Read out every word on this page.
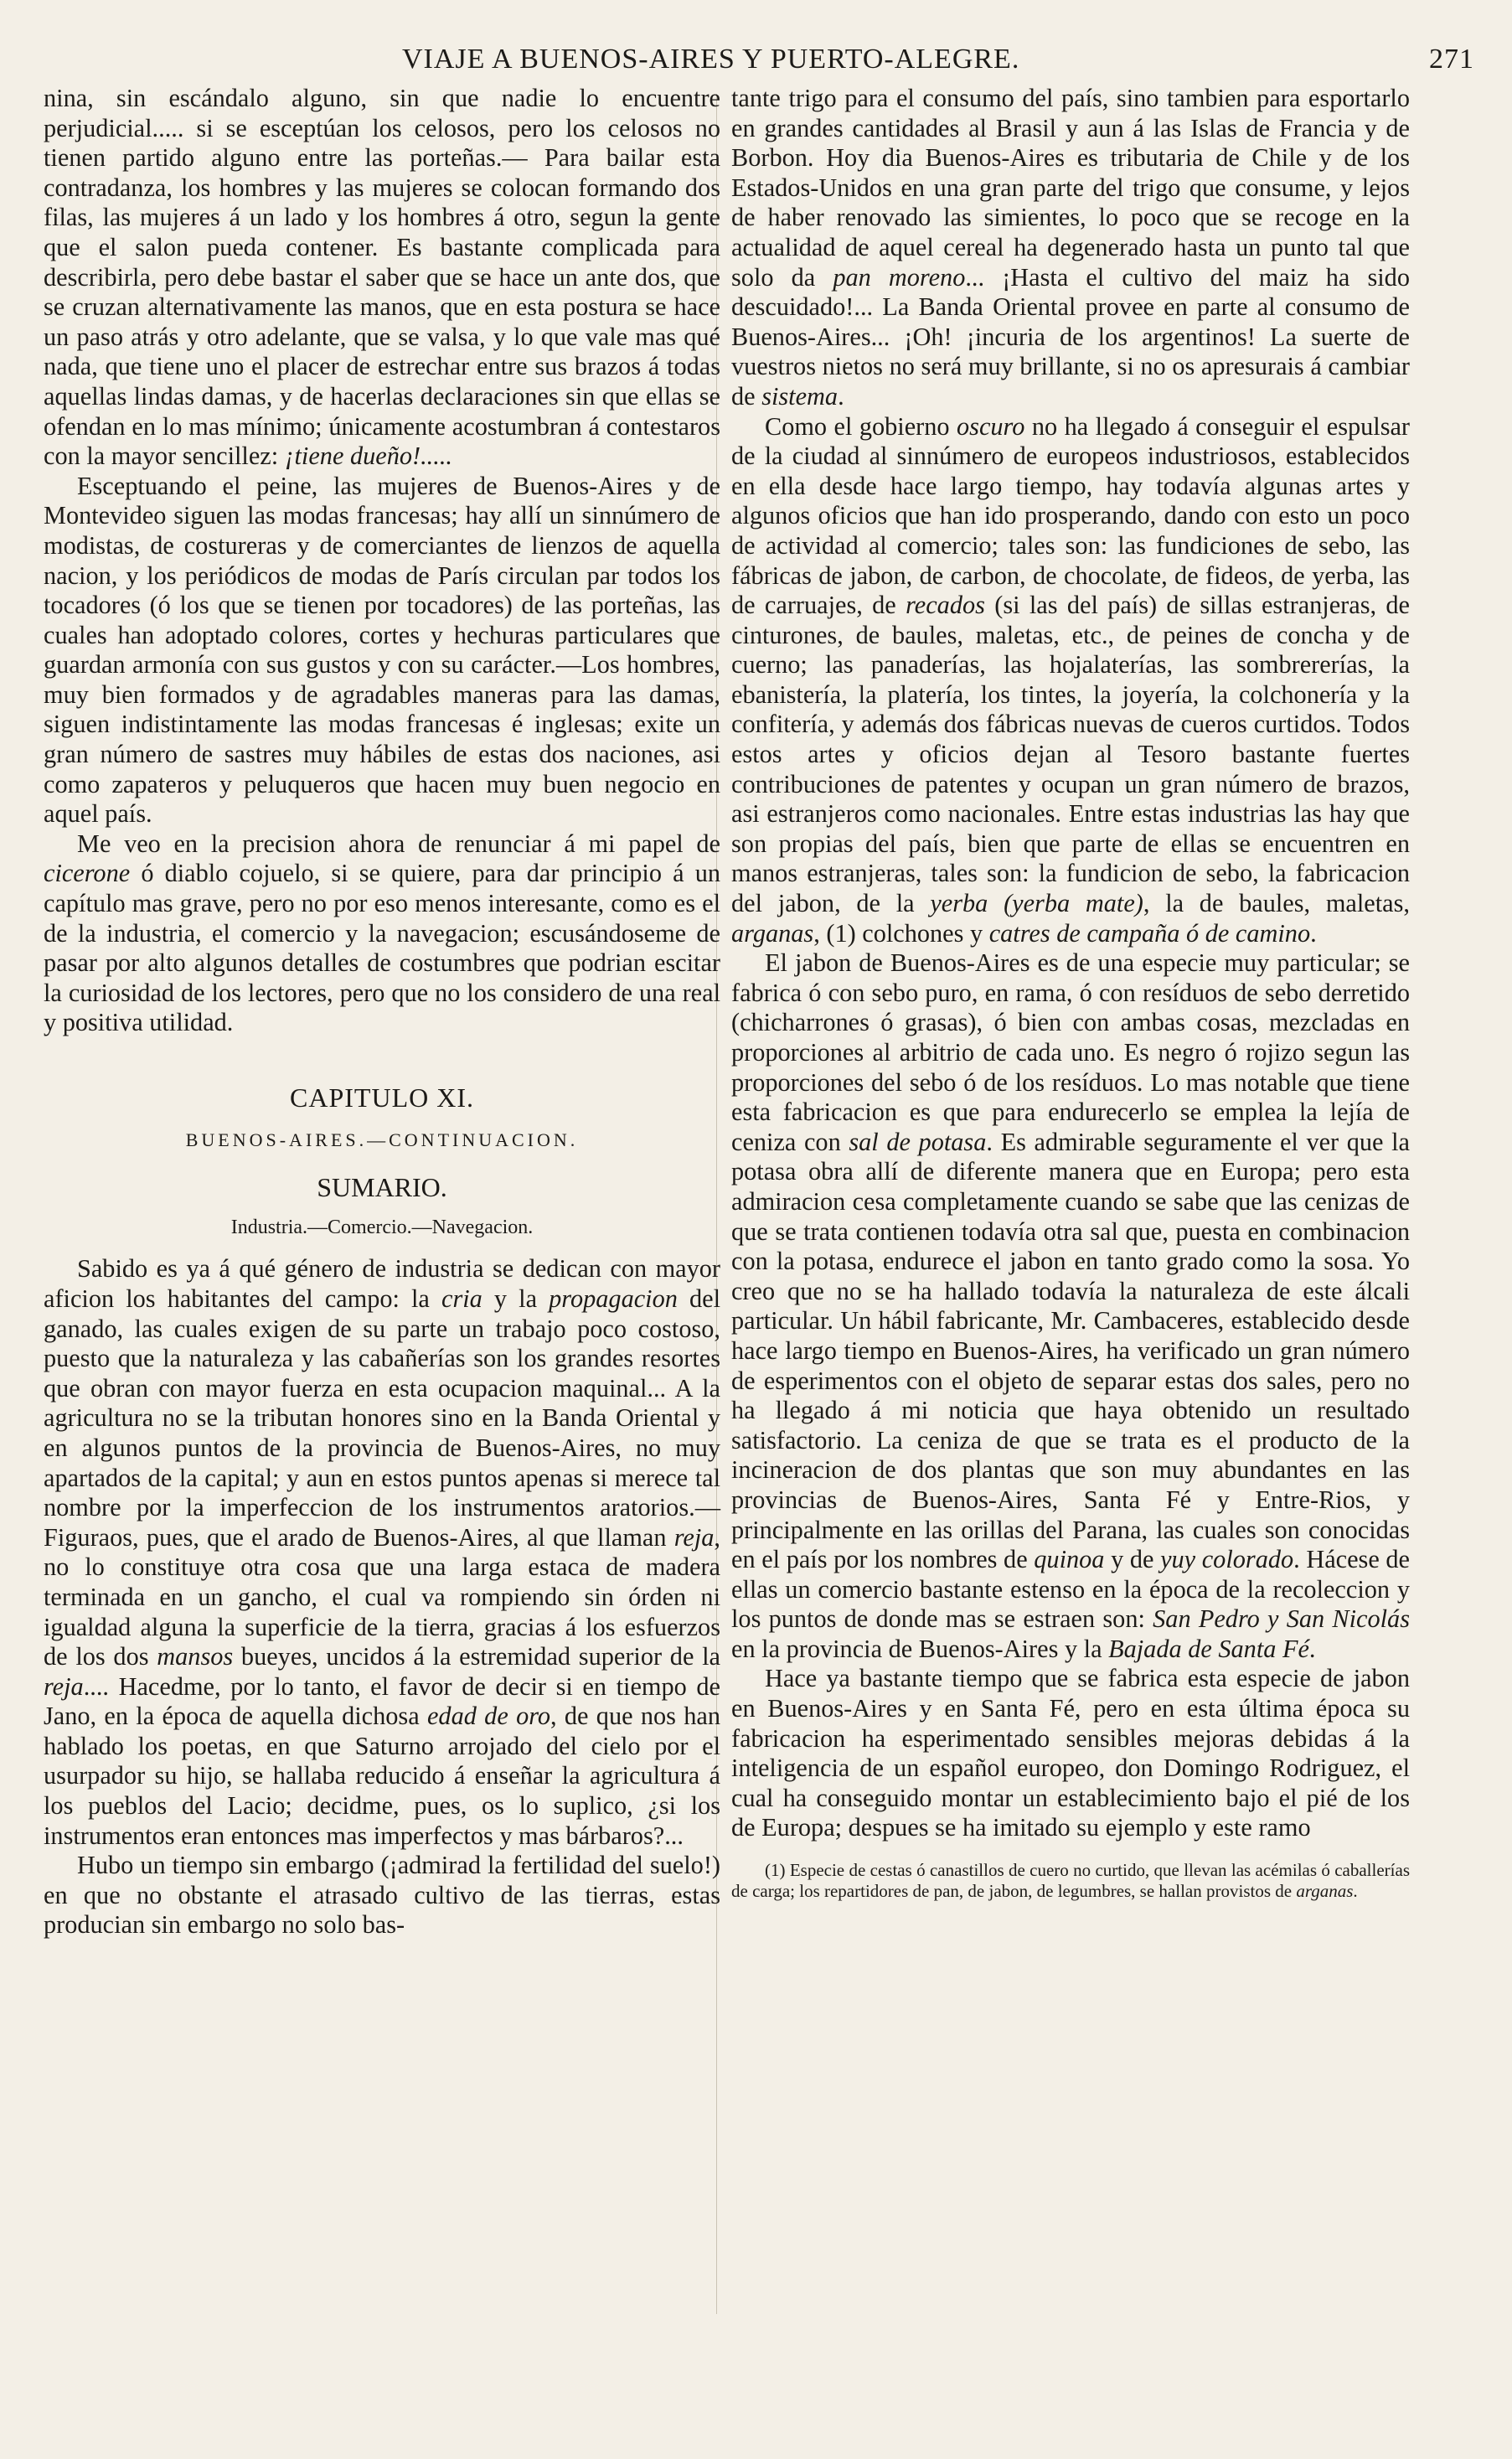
VIAJE A BUENOS-AIRES Y PUERTO-ALEGRE.	271

nina, sin escándalo alguno, sin que nadie lo encuentre perjudicial..... si se esceptúan los celosos, pero los celosos no tienen partido alguno entre las porteñas.— Para bailar esta contradanza, los hombres y las mujeres se colocan formando dos filas, las mujeres á un lado y los hombres á otro, segun la gente que el salon pueda contener. Es bastante complicada para describirla, pero debe bastar el saber que se hace un ante dos, que se cruzan alternativamente las manos, que en esta postura se hace un paso atrás y otro adelante, que se valsa, y lo que vale mas qué nada, que tiene uno el placer de estrechar entre sus brazos á todas aquellas lindas damas, y de hacerlas declaraciones sin que ellas se ofendan en lo mas mínimo; únicamente acostumbran á contestaros con la mayor sencillez: ¡tiene dueño!.....

Esceptuando el peine, las mujeres de Buenos-Aires y de Montevideo siguen las modas francesas; hay allí un sinnúmero de modistas, de costureras y de comerciantes de lienzos de aquella nacion, y los periódicos de modas de París circulan par todos los tocadores (ó los que se tienen por tocadores) de las porteñas, las cuales han adoptado colores, cortes y hechuras particulares que guardan armonía con sus gustos y con su carácter.—Los hombres, muy bien formados y de agradables maneras para las damas, siguen indistintamente las modas francesas é inglesas; exite un gran número de sastres muy hábiles de estas dos naciones, asi como zapateros y peluqueros que hacen muy buen negocio en aquel país.

Me veo en la precision ahora de renunciar á mi papel de cicerone ó diablo cojuelo, si se quiere, para dar principio á un capítulo mas grave, pero no por eso menos interesante, como es el de la industria, el comercio y la navegacion; escusándoseme de pasar por alto algunos detalles de costumbres que podrian escitar la curiosidad de los lectores, pero que no los considero de una real y positiva utilidad.

CAPITULO XI.
BUENOS-AIRES.—CONTINUACION.
SUMARIO.
Industria.—Comercio.—Navegacion.

Sabido es ya á qué género de industria se dedican con mayor aficion los habitantes del campo: la cria y la propagacion del ganado, las cuales exigen de su parte un trabajo poco costoso, puesto que la naturaleza y las cabañerías son los grandes resortes que obran con mayor fuerza en esta ocupacion maquinal... A la agricultura no se la tributan honores sino en la Banda Oriental y en algunos puntos de la provincia de Buenos-Aires, no muy apartados de la capital; y aun en estos puntos apenas si merece tal nombre por la imperfeccion de los instrumentos aratorios.— Figuraos, pues, que el arado de Buenos-Aires, al que llaman reja, no lo constituye otra cosa que una larga estaca de madera terminada en un gancho, el cual va rompiendo sin órden ni igualdad alguna la superficie de la tierra, gracias á los esfuerzos de los dos mansos bueyes, uncidos á la estremidad superior de la reja.... Hacedme, por lo tanto, el favor de decir si en tiempo de Jano, en la época de aquella dichosa edad de oro, de que nos han hablado los poetas, en que Saturno arrojado del cielo por el usurpador su hijo, se hallaba reducido á enseñar la agricultura á los pueblos del Lacio; decidme, pues, os lo suplico, ¿si los instrumentos eran entonces mas imperfectos y mas bárbaros?...

Hubo un tiempo sin embargo (¡admirad la fertilidad del suelo!) en que no obstante el atrasado cultivo de las tierras, estas producian sin embargo no solo bas-

tante trigo para el consumo del país, sino tambien para esportarlo en grandes cantidades al Brasil y aun á las Islas de Francia y de Borbon. Hoy dia Buenos-Aires es tributaria de Chile y de los Estados-Unidos en una gran parte del trigo que consume, y lejos de haber renovado las simientes, lo poco que se recoge en la actualidad de aquel cereal ha degenerado hasta un punto tal que solo da pan moreno... ¡Hasta el cultivo del maiz ha sido descuidado!... La Banda Oriental provee en parte al consumo de Buenos-Aires... ¡Oh! ¡incuria de los argentinos! La suerte de vuestros nietos no será muy brillante, si no os apresurais á cambiar de sistema.

Como el gobierno oscuro no ha llegado á conseguir el espulsar de la ciudad al sinnúmero de europeos industriosos, establecidos en ella desde hace largo tiempo, hay todavía algunas artes y algunos oficios que han ido prosperando, dando con esto un poco de actividad al comercio; tales son: las fundiciones de sebo, las fábricas de jabon, de carbon, de chocolate, de fideos, de yerba, las de carruajes, de recados (si las del país) de sillas estranjeras, de cinturones, de baules, maletas, etc., de peines de concha y de cuerno; las panaderías, las hojalaterías, las sombrererías, la ebanistería, la platería, los tintes, la joyería, la colchonería y la confitería, y además dos fábricas nuevas de cueros curtidos. Todos estos artes y oficios dejan al Tesoro bastante fuertes contribuciones de patentes y ocupan un gran número de brazos, asi estranjeros como nacionales. Entre estas industrias las hay que son propias del país, bien que parte de ellas se encuentren en manos estranjeras, tales son: la fundicion de sebo, la fabricacion del jabon, de la yerba (yerba mate), la de baules, maletas, arganas, (1) colchones y catres de campaña ó de camino.

El jabon de Buenos-Aires es de una especie muy particular; se fabrica ó con sebo puro, en rama, ó con resíduos de sebo derretido (chicharrones ó grasas), ó bien con ambas cosas, mezcladas en proporciones al arbitrio de cada uno. Es negro ó rojizo segun las proporciones del sebo ó de los resíduos. Lo mas notable que tiene esta fabricacion es que para endurecerlo se emplea la lejía de ceniza con sal de potasa. Es admirable seguramente el ver que la potasa obra allí de diferente manera que en Europa; pero esta admiracion cesa completamente cuando se sabe que las cenizas de que se trata contienen todavía otra sal que, puesta en combinacion con la potasa, endurece el jabon en tanto grado como la sosa. Yo creo que no se ha hallado todavía la naturaleza de este álcali particular. Un hábil fabricante, Mr. Cambaceres, establecido desde hace largo tiempo en Buenos-Aires, ha verificado un gran número de esperimentos con el objeto de separar estas dos sales, pero no ha llegado á mi noticia que haya obtenido un resultado satisfactorio. La ceniza de que se trata es el producto de la incineracion de dos plantas que son muy abundantes en las provincias de Buenos-Aires, Santa Fé y Entre-Rios, y principalmente en las orillas del Parana, las cuales son conocidas en el país por los nombres de quinoa y de yuy colorado. Hácese de ellas un comercio bastante estenso en la época de la recoleccion y los puntos de donde mas se estraen son: San Pedro y San Nicolás en la provincia de Buenos-Aires y la Bajada de Santa Fé.

Hace ya bastante tiempo que se fabrica esta especie de jabon en Buenos-Aires y en Santa Fé, pero en esta última época su fabricacion ha esperimentado sensibles mejoras debidas á la inteligencia de un español europeo, don Domingo Rodriguez, el cual ha conseguido montar un establecimiento bajo el pié de los de Europa; despues se ha imitado su ejemplo y este ramo

(1) Especie de cestas ó canastillos de cuero no curtido, que llevan las acémilas ó caballerías de carga; los repartidores de pan, de jabon, de legumbres, se hallan provistos de arganas.
